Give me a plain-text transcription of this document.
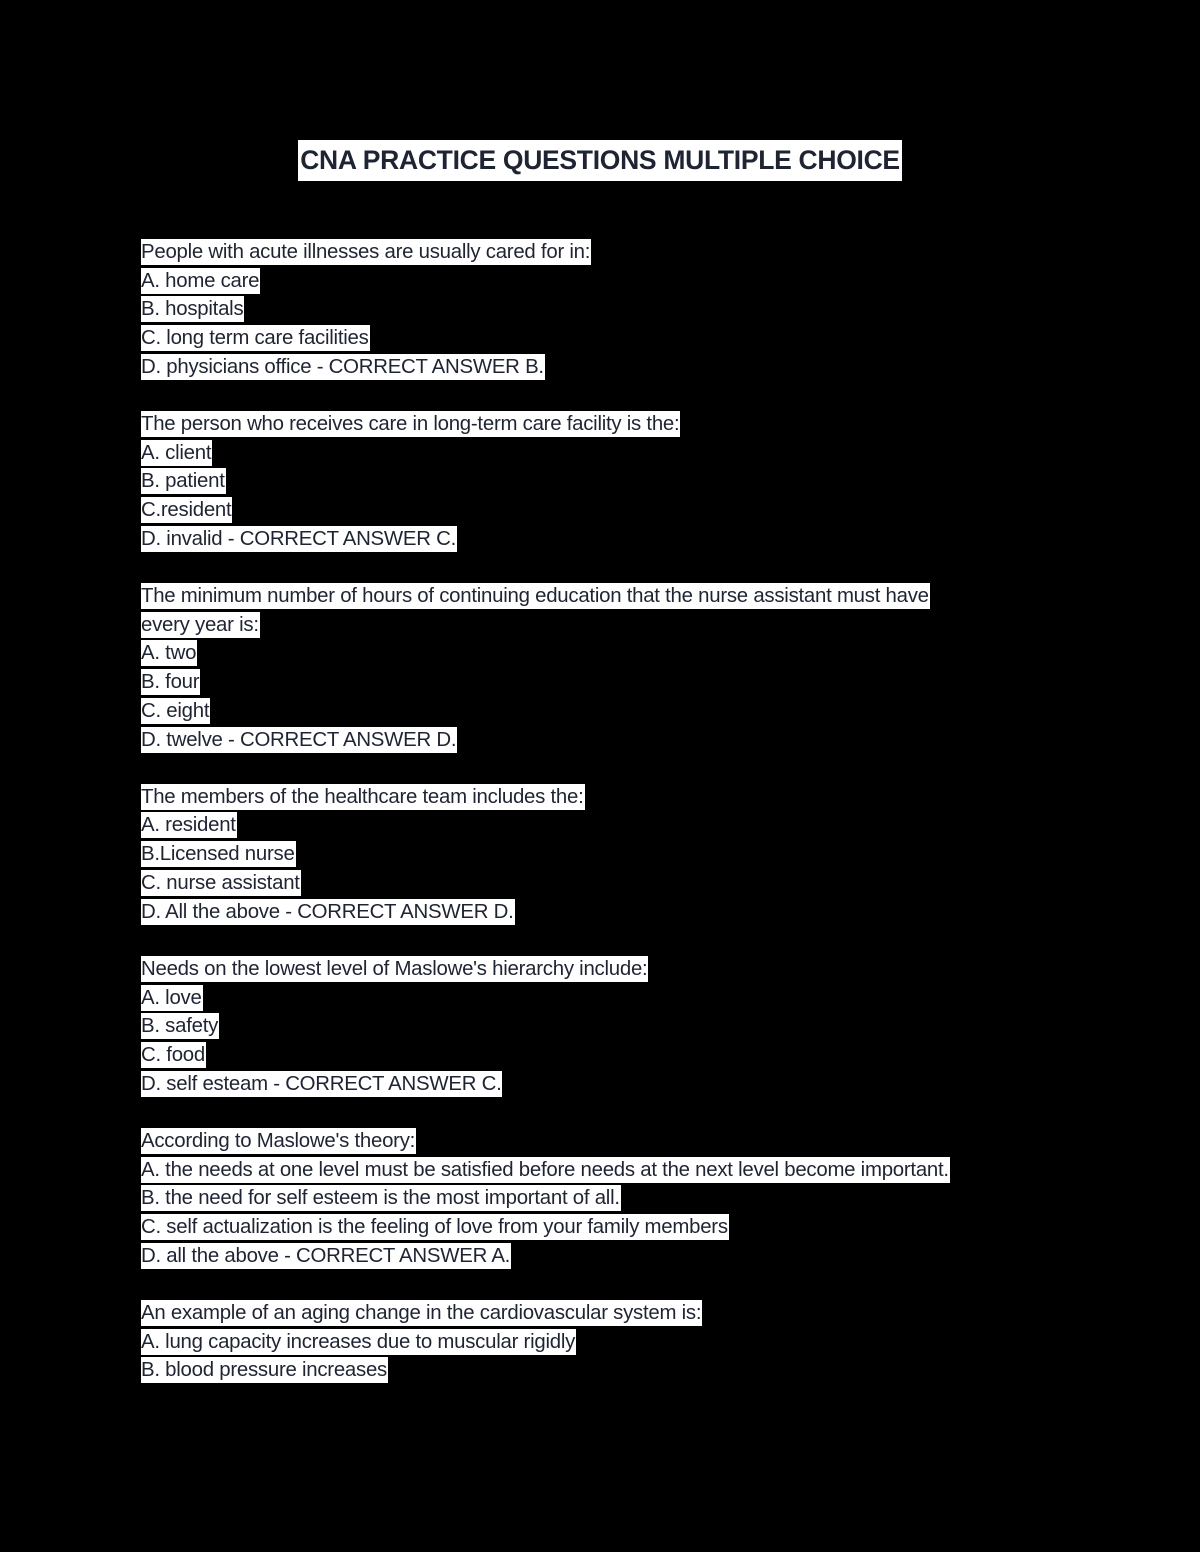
CNA PRACTICE QUESTIONS MULTIPLE CHOICE
People with acute illnesses are usually cared for in:
A. home care
B. hospitals
C. long term care facilities
D. physicians office - CORRECT ANSWER B.
The person who receives care in long-term care facility is the:
A. client
B. patient
C.resident
D. invalid - CORRECT ANSWER C.
The minimum number of hours of continuing education that the nurse assistant must have
every year is:
A. two
B. four
C. eight
D. twelve - CORRECT ANSWER D.
The members of the healthcare team includes the:
A. resident
B.Licensed nurse
C. nurse assistant
D. All the above - CORRECT ANSWER D.
Needs on the lowest level of Maslowe's hierarchy include:
A. love
B. safety
C. food
D. self esteam - CORRECT ANSWER C.
According to Maslowe's theory:
A. the needs at one level must be satisfied before needs at the next level become important.
B. the need for self esteem is the most important of all.
C. self actualization is the feeling of love from your family members
D. all the above - CORRECT ANSWER A.
An example of an aging change in the cardiovascular system is:
A. lung capacity increases due to muscular rigidly
B. blood pressure increases
